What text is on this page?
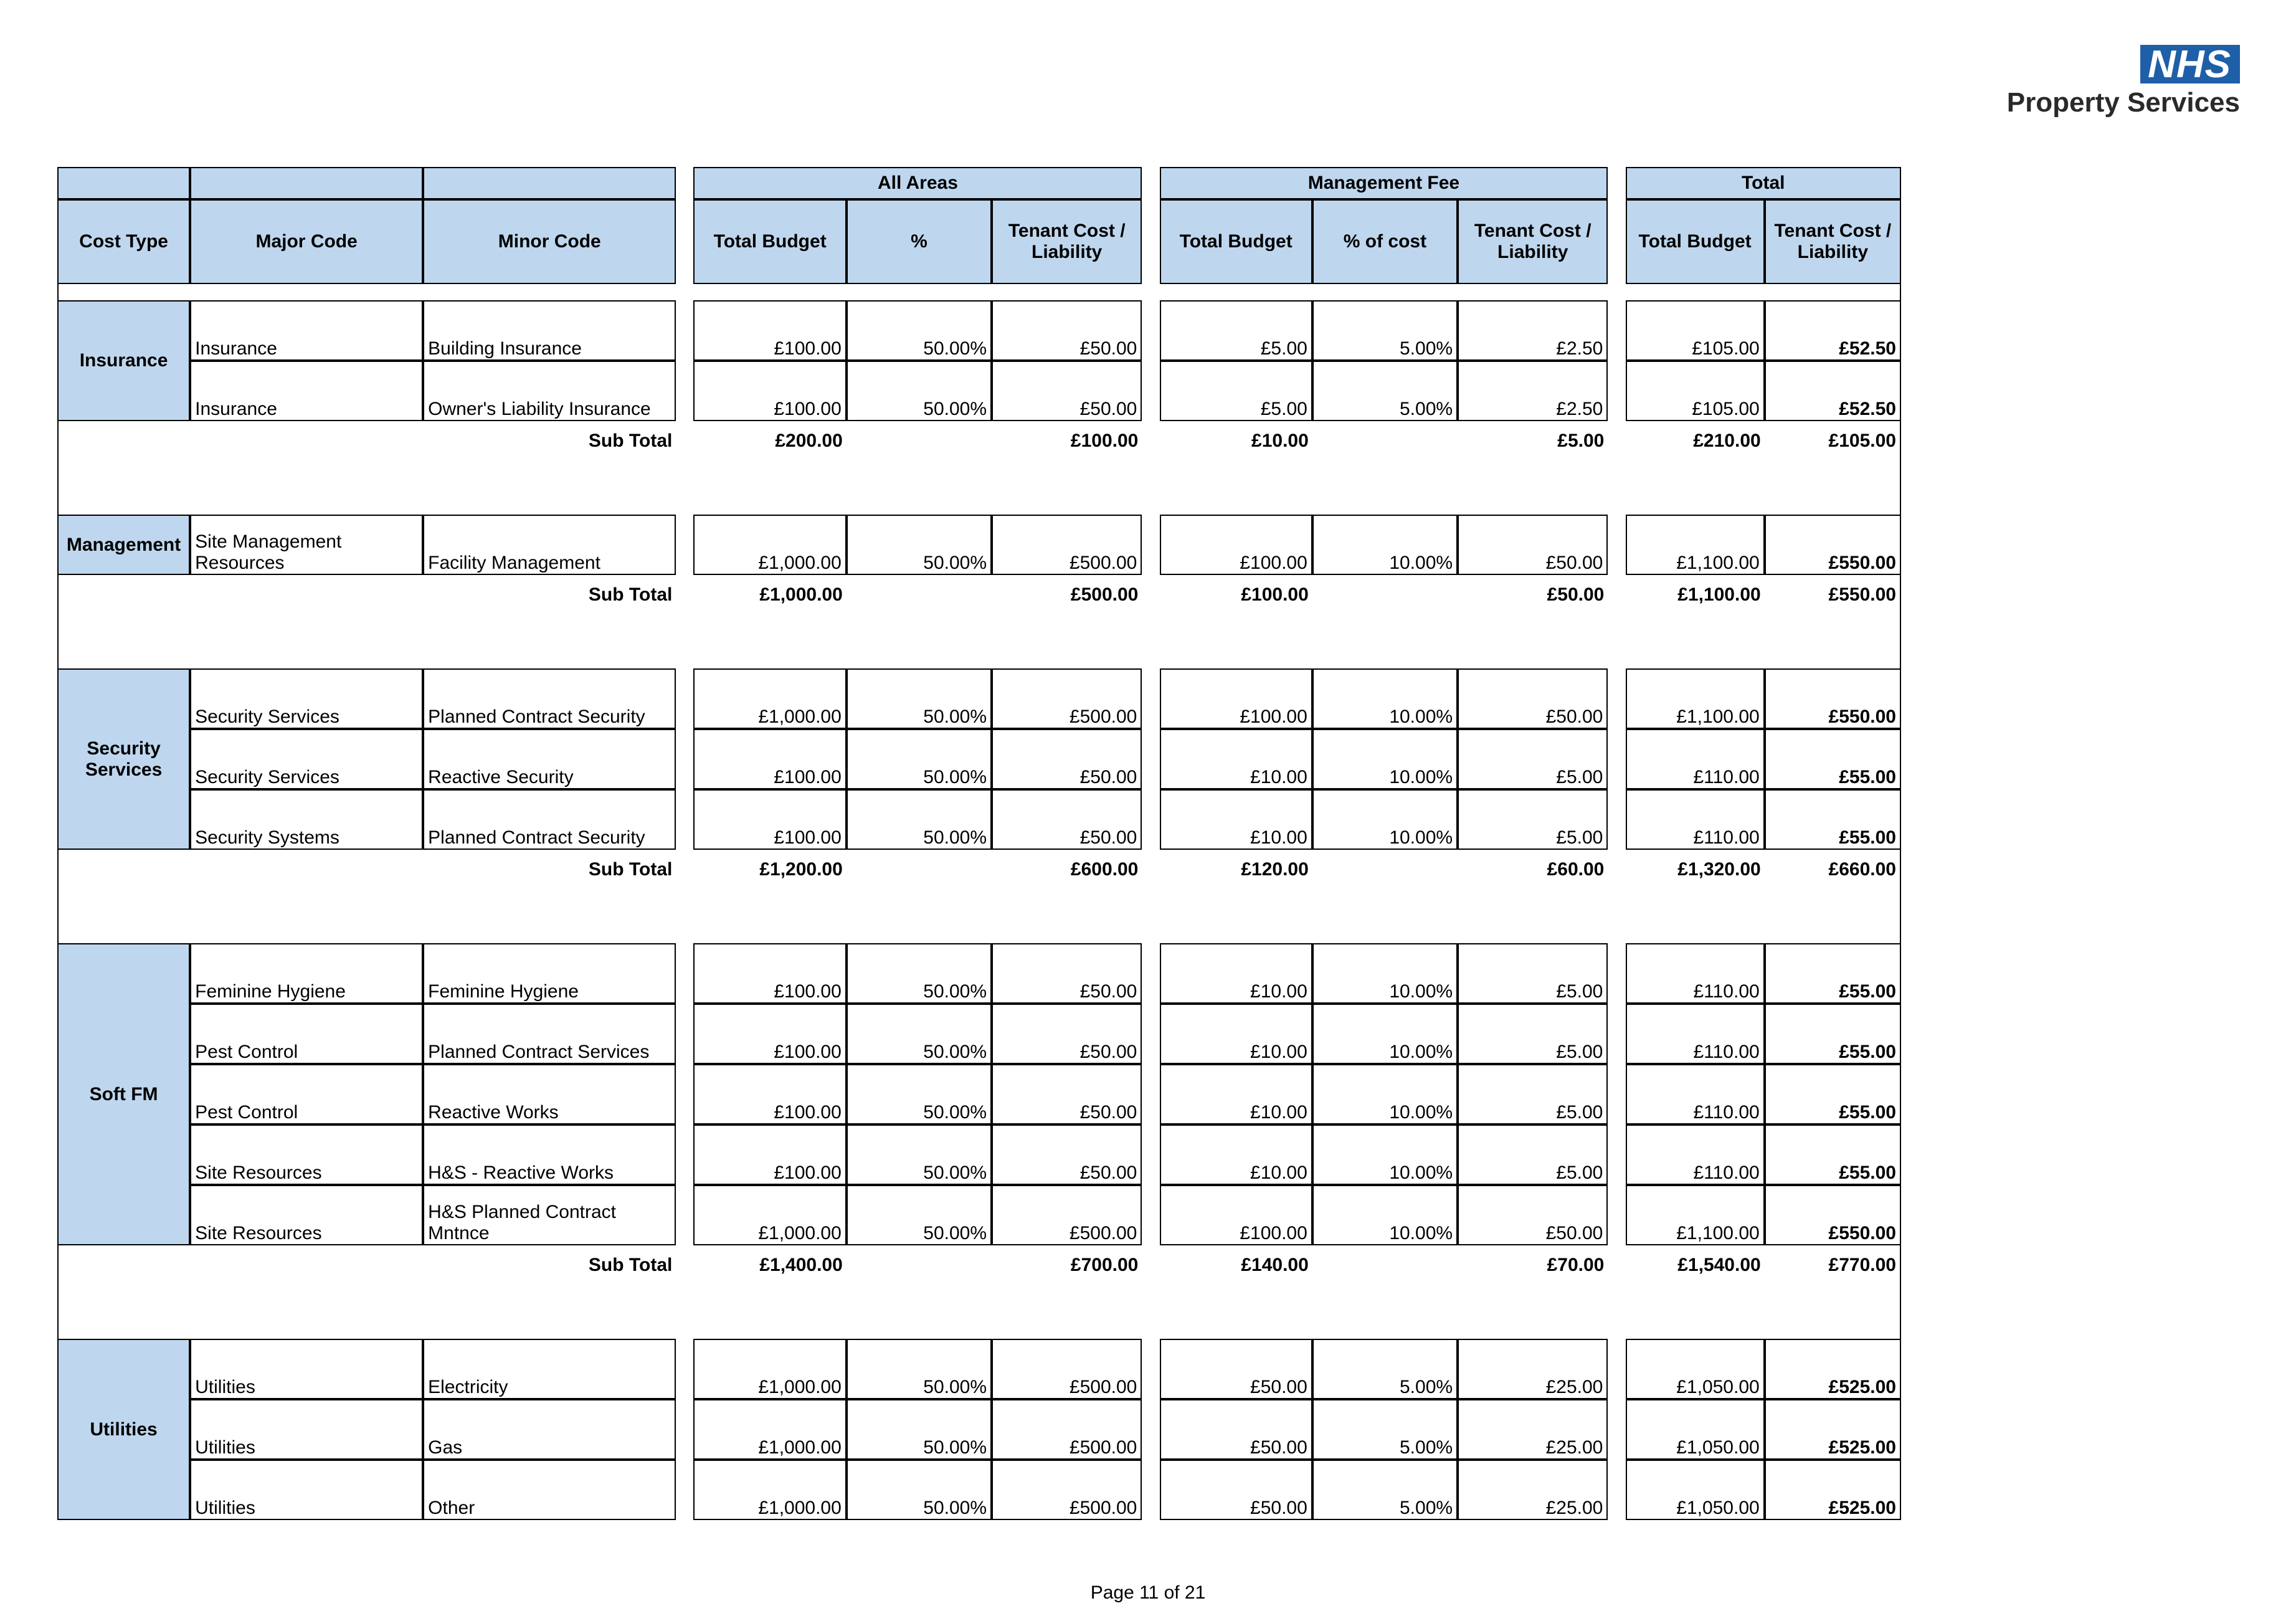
NHS
Property Services
				All Areas				Management Fee				Total	
Cost Type	Major Code	Minor Code		Total Budget	%	Tenant Cost / Liability		Total Budget	% of cost	Tenant Cost / Liability		Total Budget	Tenant Cost / Liability

Insurance	Insurance	Building Insurance		£100.00	50.00%	£50.00		£5.00	5.00%	£2.50		£105.00	£52.50
	Insurance	Owner's Liability Insurance		£100.00	50.00%	£50.00		£5.00	5.00%	£2.50		£105.00	£52.50
Sub Total				£200.00		£100.00		£10.00		£5.00		£210.00	£105.00

Management	Site Management Resources	Facility Management		£1,000.00	50.00%	£500.00		£100.00	10.00%	£50.00		£1,100.00	£550.00
Sub Total				£1,000.00		£500.00		£100.00		£50.00		£1,100.00	£550.00

Security Services	Security Services	Planned Contract Security		£1,000.00	50.00%	£500.00		£100.00	10.00%	£50.00		£1,100.00	£550.00
	Security Services	Reactive Security		£100.00	50.00%	£50.00		£10.00	10.00%	£5.00		£110.00	£55.00
	Security Systems	Planned Contract Security		£100.00	50.00%	£50.00		£10.00	10.00%	£5.00		£110.00	£55.00
Sub Total				£1,200.00		£600.00		£120.00		£60.00		£1,320.00	£660.00

Soft FM	Feminine Hygiene	Feminine Hygiene		£100.00	50.00%	£50.00		£10.00	10.00%	£5.00		£110.00	£55.00
	Pest Control	Planned Contract Services		£100.00	50.00%	£50.00		£10.00	10.00%	£5.00		£110.00	£55.00
	Pest Control	Reactive Works		£100.00	50.00%	£50.00		£10.00	10.00%	£5.00		£110.00	£55.00
	Site Resources	H&S - Reactive Works		£100.00	50.00%	£50.00		£10.00	10.00%	£5.00		£110.00	£55.00
	Site Resources	H&S Planned Contract Mntnce		£1,000.00	50.00%	£500.00		£100.00	10.00%	£50.00		£1,100.00	£550.00
Sub Total				£1,400.00		£700.00		£140.00		£70.00		£1,540.00	£770.00

Utilities	Utilities	Electricity		£1,000.00	50.00%	£500.00		£50.00	5.00%	£25.00		£1,050.00	£525.00
	Utilities	Gas		£1,000.00	50.00%	£500.00		£50.00	5.00%	£25.00		£1,050.00	£525.00
	Utilities	Other		£1,000.00	50.00%	£500.00		£50.00	5.00%	£25.00		£1,050.00	£525.00
Page 11 of 21
